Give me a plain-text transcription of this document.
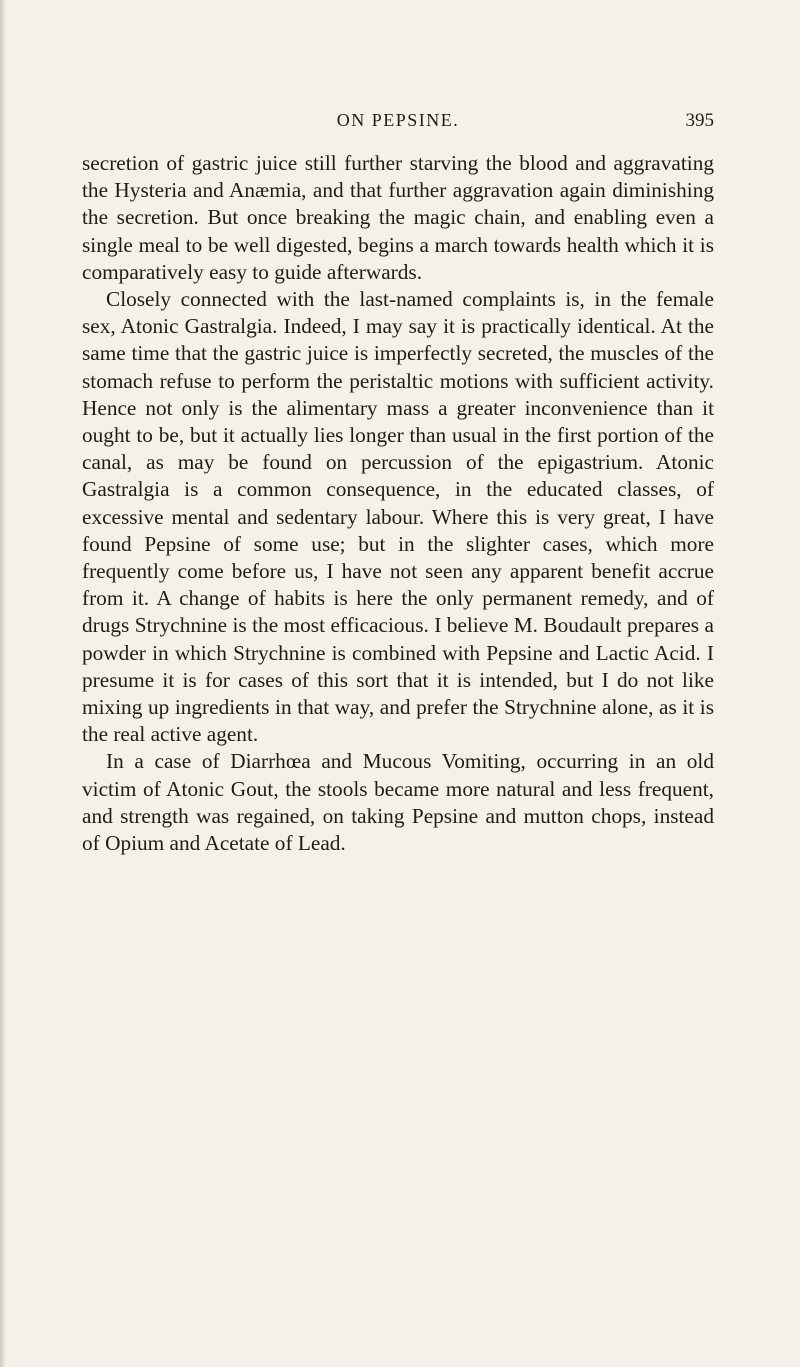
ON PEPSINE.	395

secretion of gastric juice still further starving the blood and aggravating the Hysteria and Anæmia, and that further aggravation again diminishing the secretion. But once breaking the magic chain, and enabling even a single meal to be well digested, begins a march towards health which it is comparatively easy to guide afterwards.

Closely connected with the last-named complaints is, in the female sex, Atonic Gastralgia. Indeed, I may say it is practically identical. At the same time that the gastric juice is imperfectly secreted, the muscles of the stomach refuse to perform the peristaltic motions with sufficient activity. Hence not only is the alimentary mass a greater inconvenience than it ought to be, but it actually lies longer than usual in the first portion of the canal, as may be found on percussion of the epigastrium. Atonic Gastralgia is a common consequence, in the educated classes, of excessive mental and sedentary labour. Where this is very great, I have found Pepsine of some use; but in the slighter cases, which more frequently come before us, I have not seen any apparent benefit accrue from it. A change of habits is here the only permanent remedy, and of drugs Strychnine is the most efficacious. I believe M. Boudault prepares a powder in which Strychnine is combined with Pepsine and Lactic Acid. I presume it is for cases of this sort that it is intended, but I do not like mixing up ingredients in that way, and prefer the Strychnine alone, as it is the real active agent.

In a case of Diarrhœa and Mucous Vomiting, occurring in an old victim of Atonic Gout, the stools became more natural and less frequent, and strength was regained, on taking Pepsine and mutton chops, instead of Opium and Acetate of Lead.
